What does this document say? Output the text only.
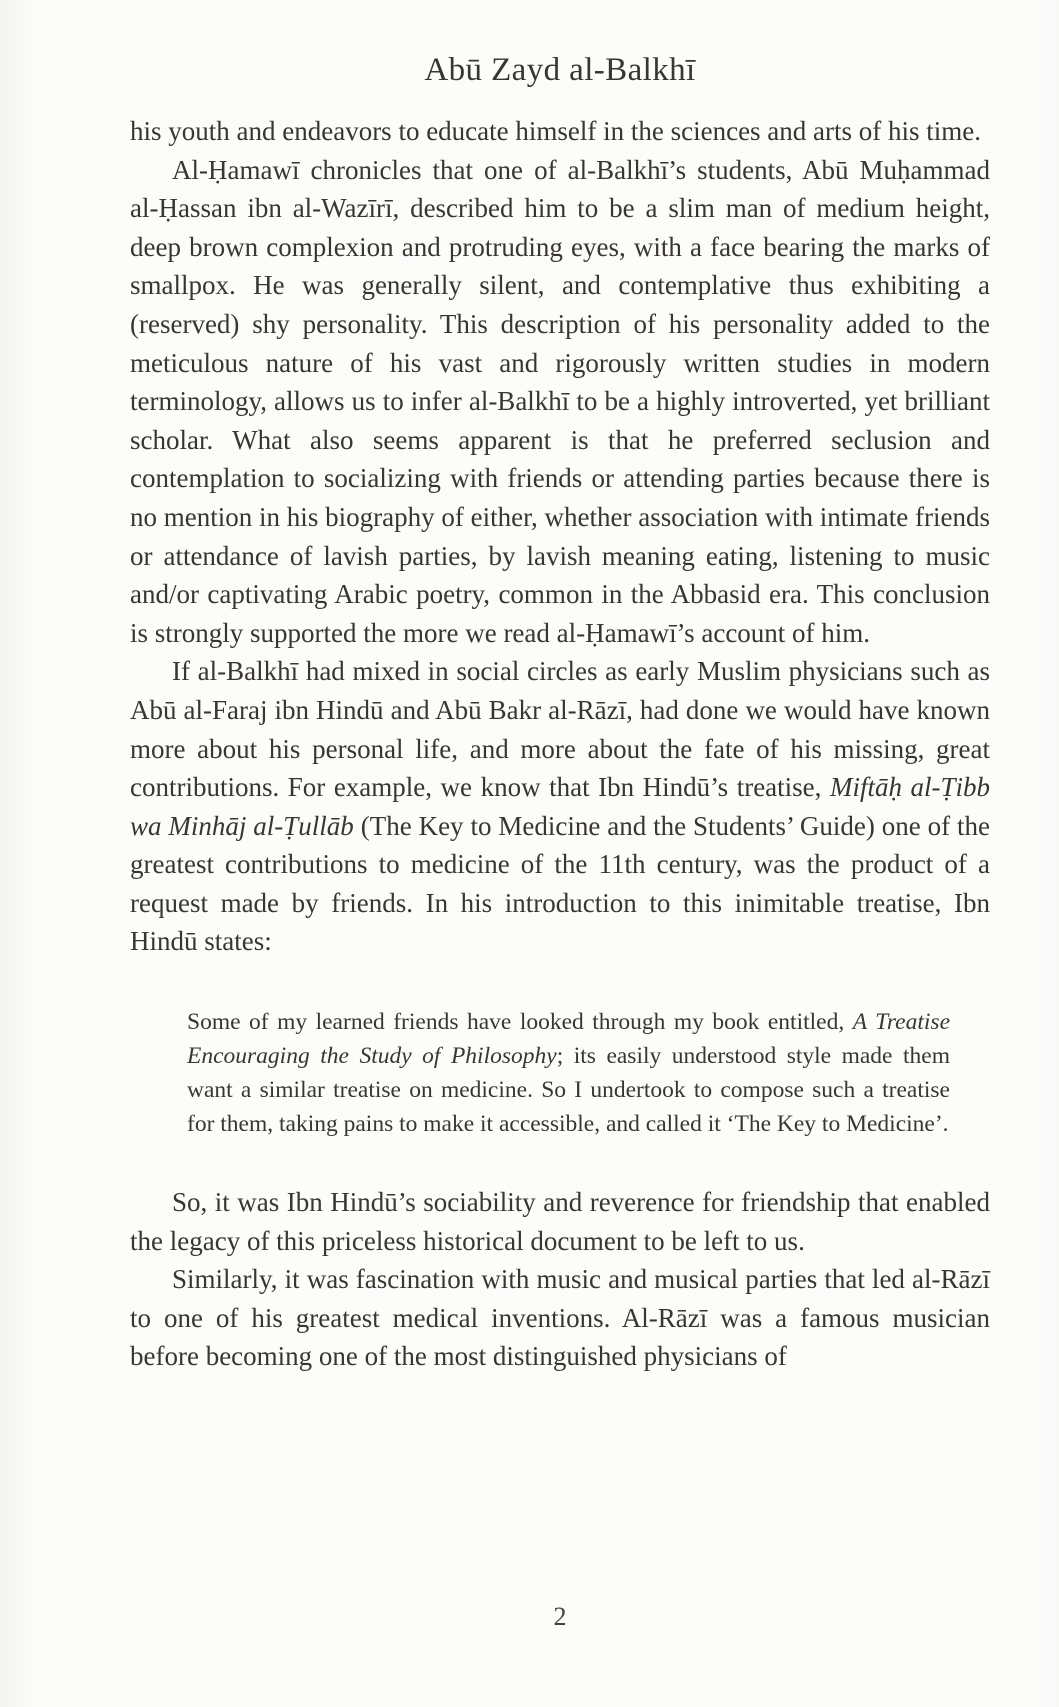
Abū Zayd al-Balkhī

his youth and endeavors to educate himself in the sciences and arts of his time.

Al-Ḥamawī chronicles that one of al-Balkhī’s students, Abū Muḥammad al-Ḥassan ibn al-Wazīrī, described him to be a slim man of medium height, deep brown complexion and protruding eyes, with a face bearing the marks of smallpox. He was generally silent, and contemplative thus exhibiting a (reserved) shy personality. This description of his personality added to the meticulous nature of his vast and rigorously written studies in modern terminology, allows us to infer al-Balkhī to be a highly introverted, yet brilliant scholar. What also seems apparent is that he preferred seclusion and contemplation to socializing with friends or attending parties because there is no mention in his biography of either, whether association with intimate friends or attendance of lavish parties, by lavish meaning eating, listening to music and/or captivating Arabic poetry, common in the Abbasid era. This conclusion is strongly supported the more we read al-Ḥamawī’s account of him.

If al-Balkhī had mixed in social circles as early Muslim physicians such as Abū al-Faraj ibn Hindū and Abū Bakr al-Rāzī, had done we would have known more about his personal life, and more about the fate of his missing, great contributions. For example, we know that Ibn Hindū’s treatise, Miftāḥ al-Ṭibb wa Minhāj al-Ṭullāb (The Key to Medicine and the Students’ Guide) one of the greatest contributions to medicine of the 11th century, was the product of a request made by friends. In his introduction to this inimitable treatise, Ibn Hindū states:

Some of my learned friends have looked through my book entitled, A Treatise Encouraging the Study of Philosophy; its easily understood style made them want a similar treatise on medicine. So I undertook to compose such a treatise for them, taking pains to make it accessible, and called it ‘The Key to Medicine’.

So, it was Ibn Hindū’s sociability and reverence for friendship that enabled the legacy of this priceless historical document to be left to us.

Similarly, it was fascination with music and musical parties that led al-Rāzī to one of his greatest medical inventions. Al-Rāzī was a famous musician before becoming one of the most distinguished physicians of

2
